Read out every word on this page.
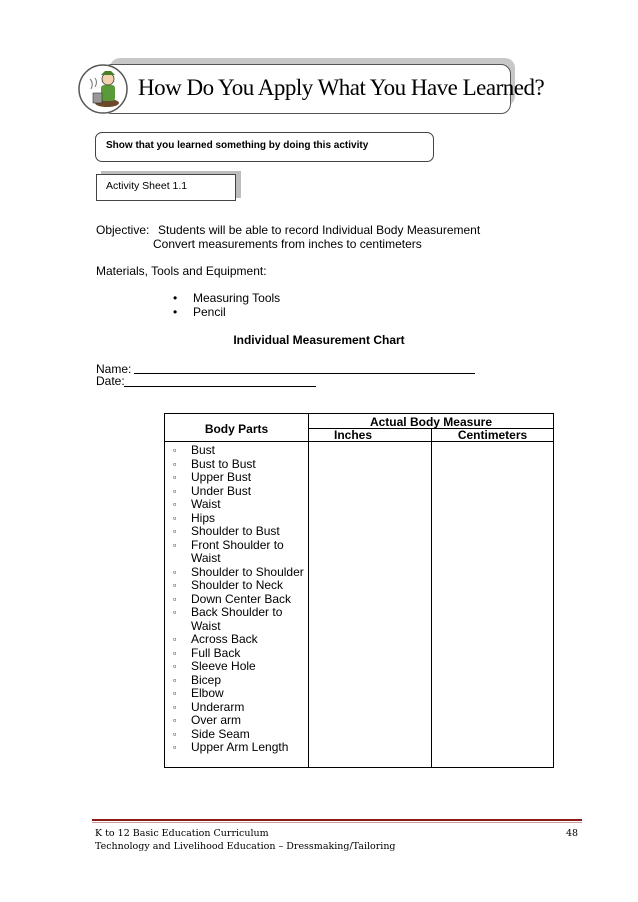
How Do You Apply What You Have Learned?
Show that you learned something by doing this activity
Activity Sheet 1.1
Objective: Students will be able to record Individual Body Measurement
Convert measurements from inches to centimeters
Materials, Tools and Equipment:
• Measuring Tools
• Pencil
Individual Measurement Chart
Name:
Date:
Body Parts	Actual Body Measure
Inches	Centimeters
▫	Bust
▫	Bust to Bust
▫	Upper Bust
▫	Under Bust
▫	Waist
▫	Hips
▫	Shoulder to Bust
▫	Front Shoulder to
Waist
▫	Shoulder to Shoulder
▫	Shoulder to Neck
▫	Down Center Back
▫	Back Shoulder to
Waist
▫	Across Back
▫	Full Back
▫	Sleeve Hole
▫	Bicep
▫	Elbow
▫	Underarm
▫	Over arm
▫	Side Seam
▫	Upper Arm Length
K to 12 Basic Education Curriculum
Technology and Livelihood Education – Dressmaking/Tailoring
48
